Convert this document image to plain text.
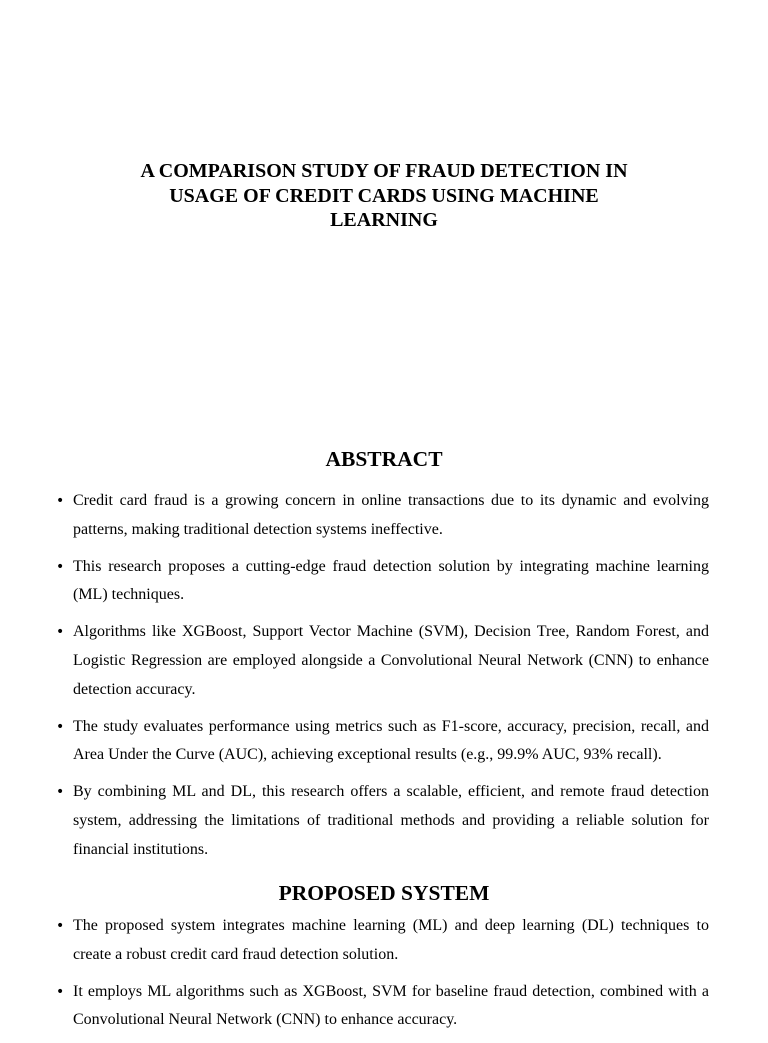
A COMPARISON STUDY OF FRAUD DETECTION IN
USAGE OF CREDIT CARDS USING MACHINE
LEARNING
ABSTRACT
• Credit card fraud is a growing concern in online transactions due to its dynamic and evolving patterns, making traditional detection systems ineffective.
• This research proposes a cutting-edge fraud detection solution by integrating machine learning (ML) techniques.
• Algorithms like XGBoost, Support Vector Machine (SVM), Decision Tree, Random Forest, and Logistic Regression are employed alongside a Convolutional Neural Network (CNN) to enhance detection accuracy.
• The study evaluates performance using metrics such as F1-score, accuracy, precision, recall, and Area Under the Curve (AUC), achieving exceptional results (e.g., 99.9% AUC, 93% recall).
• By combining ML and DL, this research offers a scalable, efficient, and remote fraud detection system, addressing the limitations of traditional methods and providing a reliable solution for financial institutions.
PROPOSED SYSTEM
• The proposed system integrates machine learning (ML) and deep learning (DL) techniques to create a robust credit card fraud detection solution.
• It employs ML algorithms such as XGBoost, SVM for baseline fraud detection, combined with a Convolutional Neural Network (CNN) to enhance accuracy.
